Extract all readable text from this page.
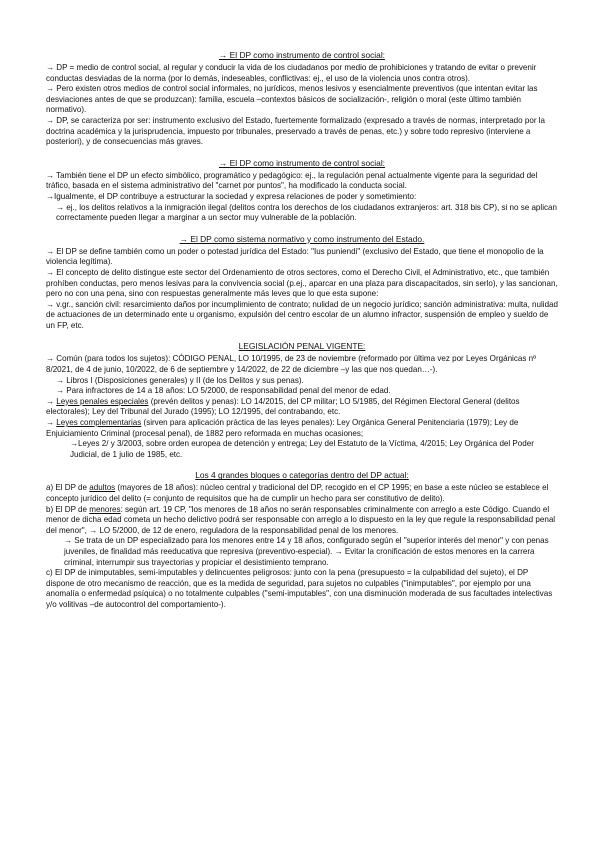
→ El DP como instrumento de control social:

→ DP = medio de control social, al regular y conducir la vida de los ciudadanos por medio de prohibiciones y tratando de evitar o prevenir conductas desviadas de la norma (por lo demás, indeseables, conflictivas: ej., el uso de la violencia unos contra otros).

→ Pero existen otros medios de control social informales, no jurídicos, menos lesivos y esencialmente preventivos (que intentan evitar las desviaciones antes de que se produzcan): familia, escuela –contextos básicos de socialización-, religión o moral (este último también normativo).

→ DP, se caracteriza por ser: instrumento exclusivo del Estado, fuertemente formalizado (expresado a través de normas, interpretado por la doctrina académica y la jurisprudencia, impuesto por tribunales, preservado a través de penas, etc.) y sobre todo represivo (interviene a posteriori), y de consecuencias más graves.

→ El DP como instrumento de control social:

→ También tiene el DP un efecto simbólico, programático y pedagógico: ej., la regulación penal actualmente vigente para la seguridad del tráfico, basada en el sistema administrativo del "carnet por puntos", ha modificado la conducta social.

→Igualmente, el DP contribuye a estructurar la sociedad y expresa relaciones de poder y sometimiento:

→ ej., los delitos relativos a la inmigración ilegal (delitos contra los derechos de los ciudadanos extranjeros: art. 318 bis CP), si no se aplican correctamente pueden llegar a marginar a un sector muy vulnerable de la población.

→ El DP como sistema normativo y como instrumento del Estado.

→ El DP se define también como un poder o potestad jurídica del Estado: "Ius puniendi" (exclusivo del Estado, que tiene el monopolio de la violencia legítima).

→ El concepto de delito distingue este sector del Ordenamiento de otros sectores, como el Derecho Civil, el Administrativo, etc., que también prohíben conductas, pero menos lesivas para la convivencia social (p.ej., aparcar en una plaza para discapacitados, sin serlo), y las sancionan, pero no con una pena, sino con respuestas generalmente más leves que lo que esta supone:

→ v.gr., sanción civil: resarcimiento daños por incumplimiento de contrato; nulidad de un negocio jurídico; sanción administrativa: multa, nulidad de actuaciones de un determinado ente u organismo, expulsión del centro escolar de un alumno infractor, suspensión de empleo y sueldo de un FP, etc.

LEGISLACIÓN PENAL VIGENTE:

→ Común (para todos los sujetos): CÓDIGO PENAL, LO 10/1995, de 23 de noviembre (reformado por última vez por Leyes Orgánicas nº 8/2021, de 4 de junio, 10/2022, de 6 de septiembre y 14/2022, de 22 de diciembre –y las que nos quedan…-).

→ Libros I (Disposiciones generales) y II (de los Delitos y sus penas).

→ Para infractores de 14 a 18 años: LO 5/2000, de responsabilidad penal del menor de edad.

→ Leyes penales especiales (prevén delitos y penas): LO 14/2015, del CP militar; LO 5/1985, del Régimen Electoral General (delitos electorales); Ley del Tribunal del Jurado (1995); LO 12/1995, del contrabando, etc.

→ Leyes complementarias (sirven para aplicación práctica de las leyes penales): Ley Orgánica General Penitenciaria (1979); Ley de Enjuiciamiento Criminal (procesal penal), de 1882 pero reformada en muchas ocasiones;

→Leyes 2/ y 3/2003, sobre orden europea de detención y entrega; Ley del Estatuto de la Víctima, 4/2015; Ley Orgánica del Poder Judicial, de 1 julio de 1985, etc.

Los 4 grandes bloques o categorías dentro del DP actual:

a) El DP de adultos (mayores de 18 años): núcleo central y tradicional del DP, recogido en el CP 1995; en base a este núcleo se establece el concepto jurídico del delito (= conjunto de requisitos que ha de cumplir un hecho para ser constitutivo de delito).

b) El DP de menores: según art. 19 CP, "los menores de 18 años no serán responsables criminalmente con arreglo a este Código. Cuando el menor de dicha edad cometa un hecho delictivo podrá ser responsable con arreglo a lo dispuesto en la ley que regule la responsabilidad penal del menor", → LO 5/2000, de 12 de enero, reguladora de la responsabilidad penal de los menores.

→ Se trata de un DP especializado para los menores entre 14 y 18 años, configurado según el "superior interés del menor" y con penas juveniles, de finalidad más reeducativa que represiva (preventivo-especial). → Evitar la cronificación de estos menores en la carrera criminal, interrumpir sus trayectorias y propiciar el desistimiento temprano.

c) El DP de inimputables, semi-imputables y delincuentes peligrosos: junto con la pena (presupuesto = la culpabilidad del sujeto), el DP dispone de otro mecanismo de reacción, que es la medida de seguridad, para sujetos no culpables ("inimputables", por ejemplo por una anomalía o enfermedad psíquica) o no totalmente culpables ("semi-imputables", con una disminución moderada de sus facultades intelectivas y/o volitivas –de autocontrol del comportamiento-).
